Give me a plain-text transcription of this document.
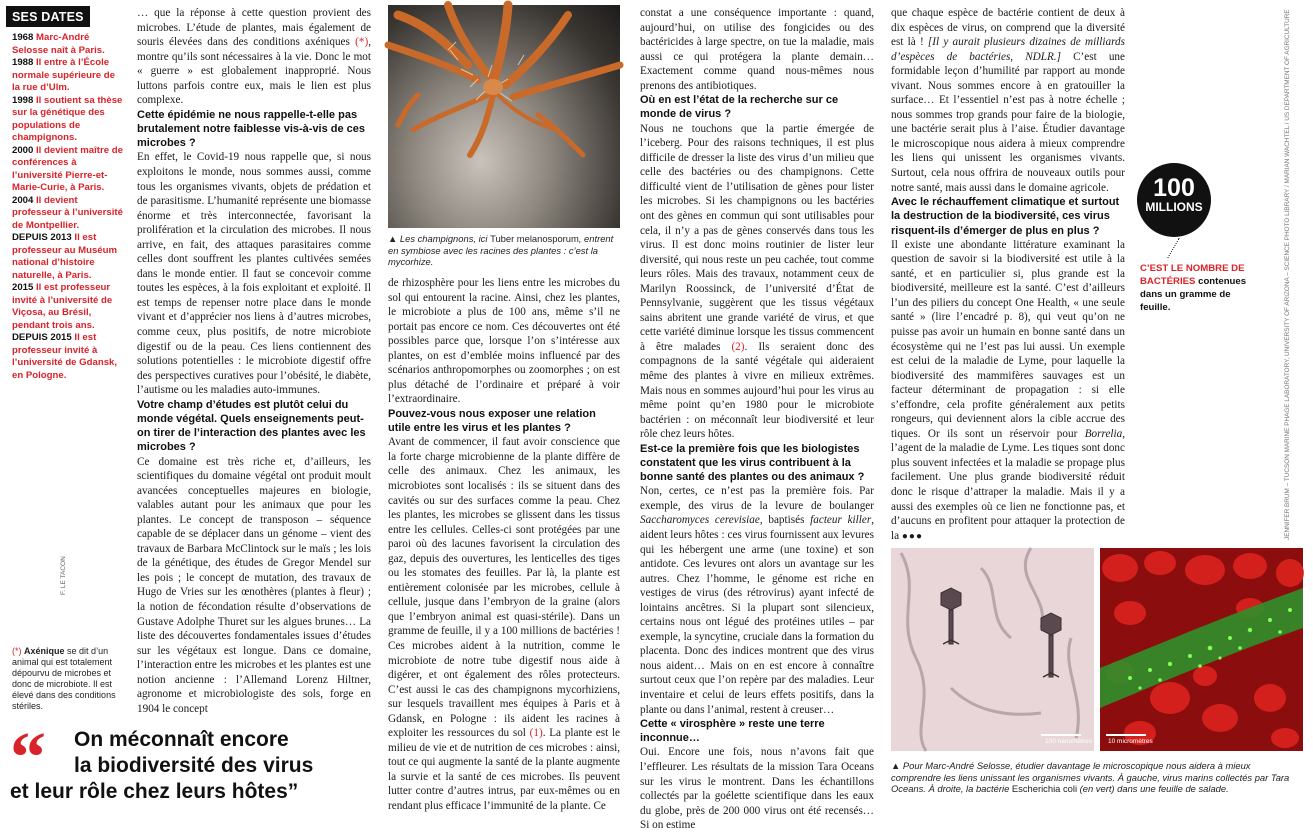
SES DATES

1968 Marc-André Selosse naît à Paris.

1988 Il entre à l’École normale supérieure de la rue d’Ulm.

1998 Il soutient sa thèse sur la génétique des populations de champignons.

2000 Il devient maître de conférences à l’université Pierre-et-Marie-Curie, à Paris.

2004 Il devient professeur à l’université de Montpellier.

DEPUIS 2013 Il est professeur au Muséum national d’histoire naturelle, à Paris.

2015 Il est professeur invité à l’université de Viçosa, au Brésil, pendant trois ans.

DEPUIS 2015 Il est professeur invité à l’université de Gdansk, en Pologne.

F. LE TACON
(*) Axénique se dit d’un animal qui est totalement dépourvu de microbes et donc de microbiote. Il est élevé dans des conditions stériles.
“	On méconnaît encore
la biodiversité des virus
et leur rôle chez leurs hôtes”

… que la réponse à cette question provient des microbes. L’étude de plantes, mais également de souris élevées dans des conditions axéniques (*), montre qu’ils sont nécessaires à la vie. Donc le mot « guerre » est globalement inapproprié. Nous luttons parfois contre eux, mais le lien est plus complexe.

Cette épidémie ne nous rappelle-t-elle pas brutalement notre faiblesse vis-à-vis de ces microbes ?

En effet, le Covid-19 nous rappelle que, si nous exploitons le monde, nous sommes aussi, comme tous les organismes vivants, objets de prédation et de parasitisme. L’humanité représente une biomasse énorme et très interconnectée, favorisant la prolifération et la circulation des microbes. Il nous arrive, en fait, des attaques parasitaires comme celles dont souffrent les plantes cultivées semées dans le monde entier. Il faut se concevoir comme toutes les espèces, à la fois exploitant et exploité. Il est temps de repenser notre place dans le monde vivant et d’apprécier nos liens à d’autres microbes, comme ceux, plus positifs, de notre microbiote digestif ou de la peau. Ces liens contiennent des solutions potentielles : le microbiote digestif offre des perspectives curatives pour l’obésité, le diabète, l’autisme ou les maladies auto-immunes.

Votre champ d’études est plutôt celui du monde végétal. Quels enseignements peut-on tirer de l’interaction des plantes avec les microbes ?

Ce domaine est très riche et, d’ailleurs, les scientifiques du domaine végétal ont produit moult avancées conceptuelles majeures en biologie, valables autant pour les animaux que pour les plantes. Le concept de transposon – séquence capable de se déplacer dans un génome – vient des travaux de Barbara McClintock sur le maïs ; les lois de la génétique, des études de Gregor Mendel sur les pois ; le concept de mutation, des travaux de Hugo de Vries sur les œnothères (plantes à fleur) ; la notion de fécondation résulte d’observations de Gustave Adolphe Thuret sur les algues brunes… La liste des découvertes fondamentales issues d’études sur les végétaux est longue. Dans ce domaine, l’interaction entre les microbes et les plantes est une notion ancienne : l’Allemand Lorenz Hiltner, agronome et microbiologiste des sols, forge en 1904 le concept

▲ Les champignons, ici Tuber melanosporum, entrent en symbiose avec les racines des plantes : c’est la mycorhize.

de rhizosphère pour les liens entre les microbes du sol qui entourent la racine. Ainsi, chez les plantes, le microbiote a plus de 100 ans, même s’il ne portait pas encore ce nom. Ces découvertes ont été possibles parce que, lorsque l’on s’intéresse aux plantes, on est d’emblée moins influencé par des scénarios anthropomorphes ou zoomorphes ; on est plus détaché de l’ordinaire et préparé à voir l’extraordinaire.

Pouvez-vous nous exposer une relation utile entre les virus et les plantes ?

Avant de commencer, il faut avoir conscience que la forte charge microbienne de la plante diffère de celle des animaux. Chez les animaux, les microbiotes sont localisés : ils se situent dans des cavités ou sur des surfaces comme la peau. Chez les plantes, les microbes se glissent dans les tissus entre les cellules. Celles-ci sont protégées par une paroi où des lacunes favorisent la circulation des gaz, depuis des ouvertures, les lenticelles des tiges ou les stomates des feuilles. Par là, la plante est entièrement colonisée par les microbes, cellule à cellule, jusque dans l’embryon de la graine (alors que l’embryon animal est quasi-stérile). Dans un gramme de feuille, il y a 100 millions de bactéries ! Ces microbes aident à la nutrition, comme le microbiote de notre tube digestif nous aide à digérer, et ont également des rôles protecteurs. C’est aussi le cas des champignons mycorhiziens, sur lesquels travaillent mes équipes à Paris et à Gdansk, en Pologne : ils aident les racines à exploiter les ressources du sol (1). La plante est le milieu de vie et de nutrition de ces microbes : ainsi, tout ce qui augmente la santé de la plante augmente la survie et la santé de ces microbes. Ils peuvent lutter contre d’autres intrus, par eux-mêmes ou en rendant plus efficace l’immunité de la plante. Ce

constat a une conséquence importante : quand, aujourd’hui, on utilise des fongicides ou des bactéricides à large spectre, on tue la maladie, mais aussi ce qui protégera la plante demain… Exactement comme quand nous-mêmes nous prenons des antibiotiques.

Où en est l’état de la recherche sur ce monde de virus ?

Nous ne touchons que la partie émergée de l’iceberg. Pour des raisons techniques, il est plus difficile de dresser la liste des virus d’un milieu que celle des bactéries ou des champignons. Cette difficulté vient de l’utilisation de gènes pour lister les microbes. Si les champignons ou les bactéries ont des gènes en commun qui sont utilisables pour cela, il n’y a pas de gènes conservés dans tous les virus. Il est donc moins routinier de lister leur diversité, qui nous reste un peu cachée, tout comme leurs rôles. Mais des travaux, notamment ceux de Marilyn Roossinck, de l’université d’État de Pennsylvanie, suggèrent que les tissus végétaux sains abritent une grande variété de virus, et que cette variété diminue lorsque les tissus commencent à être malades (2). Ils seraient donc des compagnons de la santé végétale qui aideraient même des plantes à vivre en milieux extrêmes. Mais nous en sommes aujourd’hui pour les virus au même point qu’en 1980 pour le microbiote bactérien : on méconnaît leur biodiversité et leur rôle chez leurs hôtes.

Est-ce la première fois que les biologistes constatent que les virus contribuent à la bonne santé des plantes ou des animaux ?

Non, certes, ce n’est pas la première fois. Par exemple, des virus de la levure de boulanger Saccharomyces cerevisiae, baptisés facteur killer, aident leurs hôtes : ces virus fournissent aux levures qui les hébergent une arme (une toxine) et son antidote. Ces levures ont alors un avantage sur les autres. Chez l’homme, le génome est riche en vestiges de virus (des rétrovirus) ayant infecté de lointains ancêtres. Si la plupart sont silencieux, certains nous ont légué des protéines utiles – par exemple, la syncytine, cruciale dans la formation du placenta. Donc des indices montrent que des virus nous aident… Mais on en est encore à connaître surtout ceux que l’on repère par des maladies. Leur inventaire et celui de leurs effets positifs, dans la plante ou dans l’animal, restent à creuser…

Cette « virosphère » reste une terre inconnue…

Oui. Encore une fois, nous n’avons fait que l’effleurer. Les résultats de la mission Tara Oceans sur les virus le montrent. Dans les échantillons collectés par la goélette scientifique dans les eaux du globe, près de 200 000 virus ont été recensés… Si on estime

que chaque espèce de bactérie contient de deux à dix espèces de virus, on comprend que la diversité est là ! [Il y aurait plusieurs dizaines de milliards d’espèces de bactéries, NDLR.] C’est une formidable leçon d’humilité par rapport au monde vivant. Nous sommes encore à en gratouiller la surface… Et l’essentiel n’est pas à notre échelle ; nous sommes trop grands pour faire de la biologie, une bactérie serait plus à l’aise. Étudier davantage le microscopique nous aidera à mieux comprendre les liens qui unissent les organismes vivants. Surtout, cela nous offrira de nouveaux outils pour notre santé, mais aussi dans le domaine agricole.

Avec le réchauffement climatique et surtout la destruction de la biodiversité, ces virus risquent-ils d’émerger de plus en plus ?

Il existe une abondante littérature examinant la question de savoir si la biodiversité est utile à la santé, et en particulier si, plus grande est la biodiversité, meilleure est la santé. C’est d’ailleurs l’un des piliers du concept One Health, « une seule santé » (lire l’encadré p. 8), qui veut qu’on ne puisse pas avoir un humain en bonne santé dans un écosystème qui ne l’est pas lui aussi. Un exemple est celui de la maladie de Lyme, pour laquelle la biodiversité des mammifères sauvages est un facteur déterminant de propagation : si elle s’effondre, cela profite généralement aux petits rongeurs, qui deviennent alors la cible accrue des tiques. Or ils sont un réservoir pour Borrelia, l’agent de la maladie de Lyme. Les tiques sont donc plus souvent infectées et la maladie se propage plus facilement. Une plus grande biodiversité réduit donc le risque d’attraper la maladie. Mais il y a aussi des exemples où ce lien ne fonctionne pas, et d’aucuns en profitent pour attaquer la protection de la ●●●

100
MILLIONS
C’EST LE NOMBRE DE BACTÉRIES contenues dans un gramme de feuille.
100 nanomètres 10 micromètres
▲ Pour Marc-André Selosse, étudier davantage le microscopique nous aidera à mieux comprendre les liens unissant les organismes vivants. À gauche, virus marins collectés par Tara Oceans. À droite, la bactérie Escherichia coli (en vert) dans une feuille de salade.
JENNIFER BRUM – TUCSON MARINE PHAGE LABORATORY, UNIVERSITY OF ARIZONA – SCIENCE PHOTO LIBRARY / MARIAN WACHTEL / US DEPARTMENT OF AGRICULTURE
